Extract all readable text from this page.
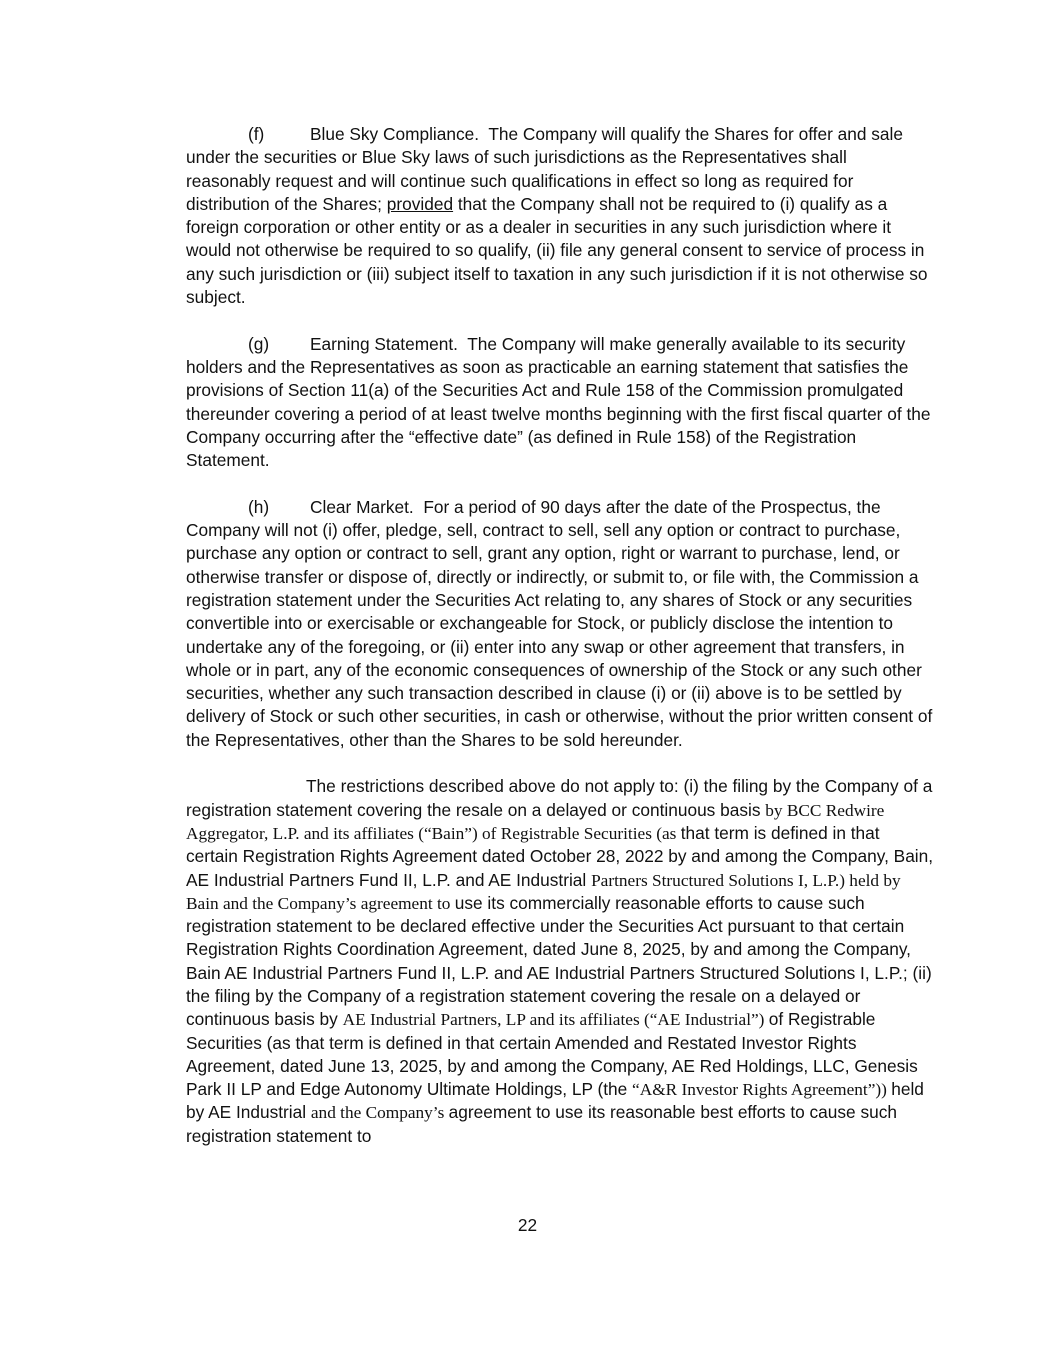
(f)	Blue Sky Compliance.  The Company will qualify the Shares for offer and sale under the securities or Blue Sky laws of such jurisdictions as the Representatives shall reasonably request and will continue such qualifications in effect so long as required for distribution of the Shares; provided that the Company shall not be required to (i) qualify as a foreign corporation or other entity or as a dealer in securities in any such jurisdiction where it would not otherwise be required to so qualify, (ii) file any general consent to service of process in any such jurisdiction or (iii) subject itself to taxation in any such jurisdiction if it is not otherwise so subject.

(g) Earning Statement.  The Company will make generally available to its security holders and the Representatives as soon as practicable an earning statement that satisfies the provisions of Section 11(a) of the Securities Act and Rule 158 of the Commission promulgated thereunder covering a period of at least twelve months beginning with the first fiscal quarter of the Company occurring after the “effective date” (as defined in Rule 158) of the Registration Statement.

(h) Clear Market.  For a period of 90 days after the date of the Prospectus, the Company will not (i) offer, pledge, sell, contract to sell, sell any option or contract to purchase, purchase any option or contract to sell, grant any option, right or warrant to purchase, lend, or otherwise transfer or dispose of, directly or indirectly, or submit to, or file with, the Commission a registration statement under the Securities Act relating to, any shares of Stock or any securities convertible into or exercisable or exchangeable for Stock, or publicly disclose the intention to undertake any of the foregoing, or (ii) enter into any swap or other agreement that transfers, in whole or in part, any of the economic consequences of ownership of the Stock or any such other securities, whether any such transaction described in clause (i) or (ii) above is to be settled by delivery of Stock or such other securities, in cash or otherwise, without the prior written consent of the Representatives, other than the Shares to be sold hereunder.

The restrictions described above do not apply to: (i) the filing by the Company of a registration statement covering the resale on a delayed or continuous basis by BCC Redwire Aggregator, L.P. and its affiliates (“Bain”) of Registrable Securities (as that term is defined in that certain Registration Rights Agreement dated October 28, 2022 by and among the Company, Bain, AE Industrial Partners Fund II, L.P. and AE Industrial Partners Structured Solutions I, L.P.) held by Bain and the Company’s agreement to use its commercially reasonable efforts to cause such registration statement to be declared effective under the Securities Act pursuant to that certain Registration Rights Coordination Agreement, dated June 8, 2025, by and among the Company, Bain AE Industrial Partners Fund II, L.P. and AE Industrial Partners Structured Solutions I, L.P.; (ii) the filing by the Company of a registration statement covering the resale on a delayed or continuous basis by AE Industrial Partners, LP and its affiliates (“AE Industrial”) of Registrable Securities (as that term is defined in that certain Amended and Restated Investor Rights Agreement, dated June 13, 2025, by and among the Company, AE Red Holdings, LLC, Genesis Park II LP and Edge Autonomy Ultimate Holdings, LP (the “A&R Investor Rights Agreement”)) held by AE Industrial and the Company’s agreement to use its reasonable best efforts to cause such registration statement to

22
